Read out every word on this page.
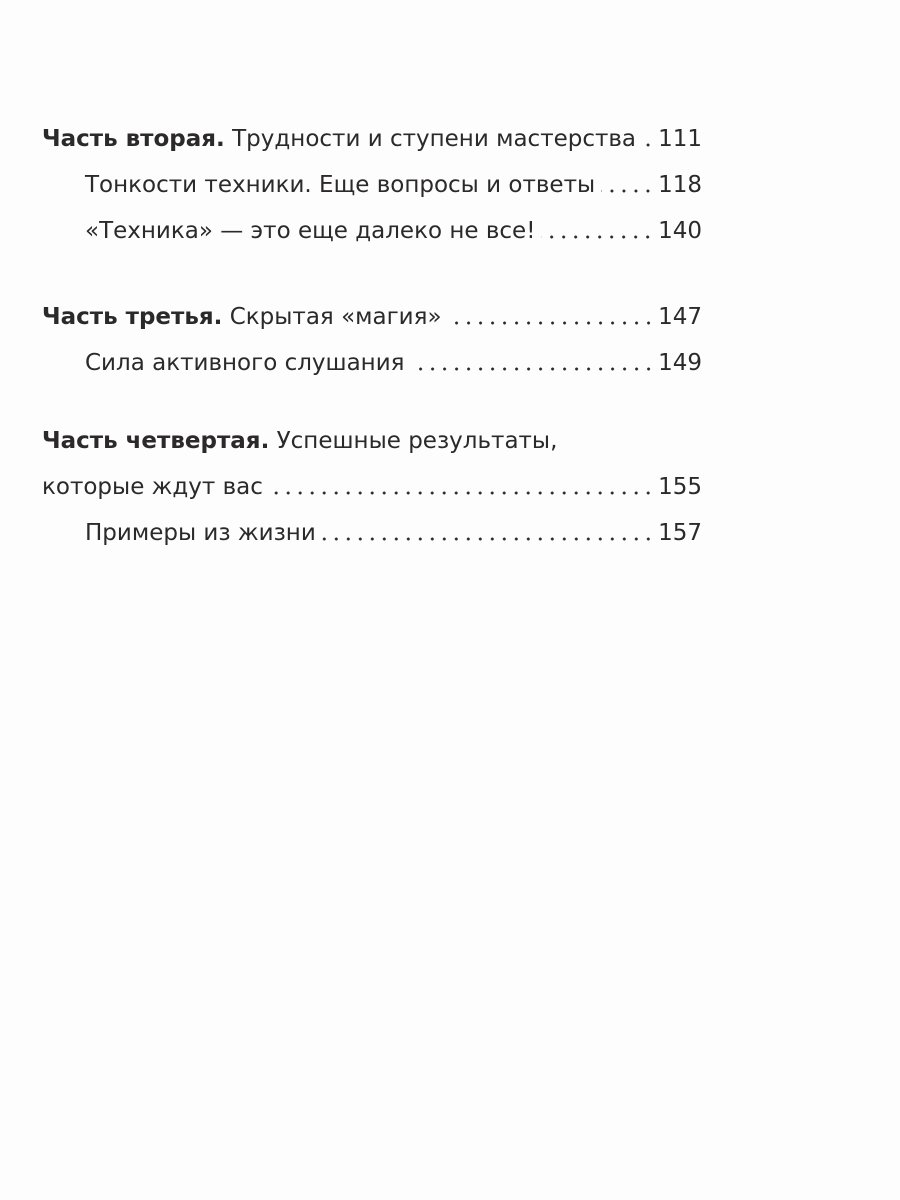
Часть вторая. Трудности и ступени мастерства 111
Тонкости техники. Еще вопросы и ответы	118
«Техника» — это еще далеко не все!	140
Часть третья. Скрытая «магия»	147
Сила активного слушания	149
Часть четвертая. Успешные результаты,
которые ждут вас	155
Примеры из жизни	157
